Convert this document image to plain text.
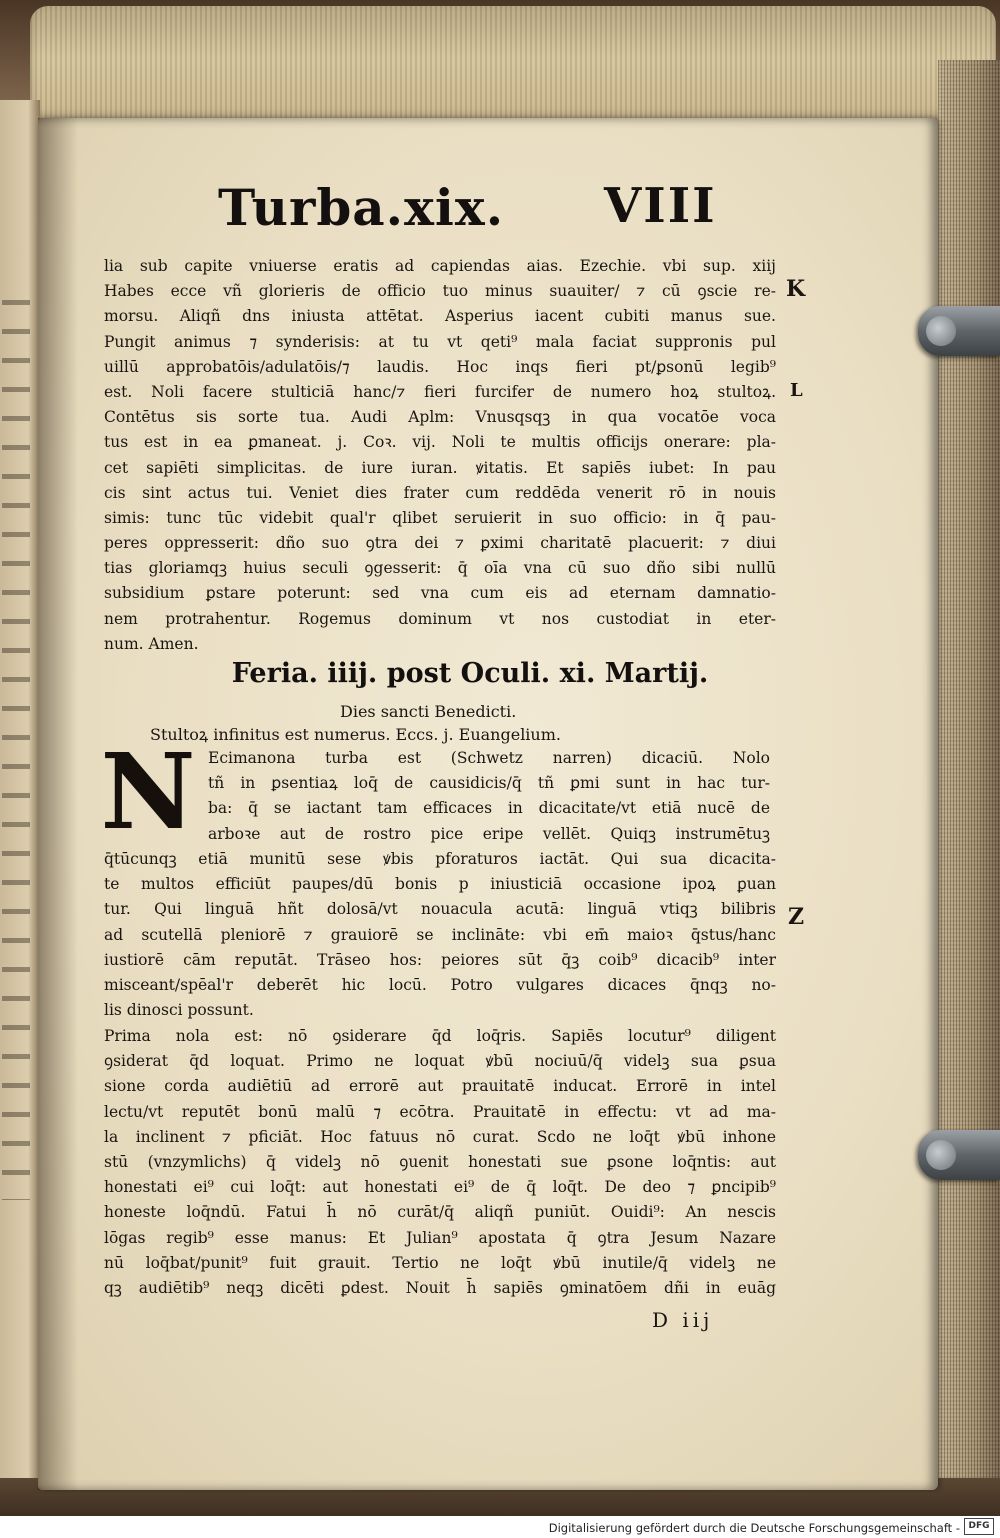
Turba.xix. VIII
lia sub capite vniuerse eratis ad capiendas aias. Ezechie. vbi sup. xiij
Habes ecce vñ glorieris de officio tuo minus suauiter/ ⁊ cū ꝯscie re-
morsu. Aliqñ dns iniusta attētat. Asperius iacent cubiti manus sue.
Pungit animus ⁊ synderisis: at tu vt qeti⁹ mala faciat suppronis pul
uillū approbatōis/adulatōis/⁊ laudis. Hoc inqs fieri pt/ꝑsonū legib⁹
est. Noli facere stulticiā hanc/⁊ fieri furcifer de numero hoꝝ stultoꝝ.
Contētus sis sorte tua. Audi Aplm: Vnusqsqꝫ in qua vocatōe voca
tus est in ea ꝑmaneat. j. Coꝛ. vij. Noli te multis officijs onerare: pla-
cet sapiēti simplicitas. de iure iuran. ꝟitatis. Et sapiēs iubet: In pau
cis sint actus tui. Veniet dies frater cum reddēda venerit rō in nouis
simis: tunc tūc videbit qual'r qlibet seruierit in suo officio: in q̄ pau-
peres oppresserit: dño suo ꝯtra dei ⁊ ꝑximi charitatē placuerit: ⁊ diui
tias gloriamqꝫ huius seculi ꝯgesserit: q̄ oīa vna cū suo dño sibi nullū
subsidium ꝑstare poterunt: sed vna cum eis ad eternam damnatio-
nem protrahentur. Rogemus dominum vt nos custodiat in eter-
num. Amen.
K
L
Z
Feria. iiij. post Oculi. xi. Martij.
Dies sancti Benedicti.
Stultoꝝ infinitus est numerus. Eccs. j. Euangelium.
N Ecimanona turba est (Schwetz narren) dicaciū. Nolo
tñ in ꝑsentiaꝝ loq̄ de causidicis/q̄ tñ ꝑmi sunt in hac tur-
ba: q̄ se iactant tam efficaces in dicacitate/vt etiā nucē de
arboꝛe aut de rostro pice eripe vellēt. Quiqꝫ instrumētuꝫ
q̄tūcunqꝫ etiā munitū sese ꝟbis pforaturos iactāt. Qui sua dicacita-
te multos efficiūt paupes/dū bonis p iniusticiā occasione ipoꝝ ꝑuan
tur. Qui linguā hñt dolosā/vt nouacula acutā: linguā vtiqꝫ bilibris
ad scutellā pleniorē ⁊ grauiorē se inclināte: vbi em̄ maioꝛ q̄stus/hanc
iustiorē cām reputāt. Trāseo hos: peiores sūt q̄ꝫ coib⁹ dicacib⁹ inter
misceant/spēal'r deberēt hic locū. Potro vulgares dicaces q̄nqꝫ no-
lis dinosci possunt.
Prima nola est: nō ꝯsiderare q̄d loq̄ris. Sapiēs locutur⁹ diligent
ꝯsiderat q̄d loquat. Primo ne loquat ꝟbū nociuū/q̄ videlꝫ sua ꝑsua
sione corda audiētiū ad errorē aut prauitatē inducat. Errorē in intel
lectu/vt reputēt bonū malū ⁊ ecōtra. Prauitatē in effectu: vt ad ma-
la inclinent ⁊ pficiāt. Hoc fatuus nō curat. Scdo ne loq̄t ꝟbū inhone
stū (vnzymlichs) q̄ videlꝫ nō ꝯuenit honestati sue ꝑsone loq̄ntis: aut
honestati ei⁹ cui loq̄t: aut honestati ei⁹ de q̄ loq̄t. De deo ⁊ ꝑncipib⁹
honeste loq̄ndū. Fatui h̄ nō curāt/q̄ aliqñ puniūt. Ouidi⁹: An nescis
lōgas regib⁹ esse manus: Et Julian⁹ apostata q̄ ꝯtra Jesum Nazare
nū loq̄bat/punit⁹ fuit grauit. Tertio ne loq̄t ꝟbū inutile/q̄ videlꝫ ne
qꝫ audiētib⁹ neqꝫ dicēti ꝑdest. Nouit h̄ sapiēs ꝯminatōem dñi in euāg
D iij
Digitalisierung gefördert durch die Deutsche Forschungsgemeinschaft - DFG
